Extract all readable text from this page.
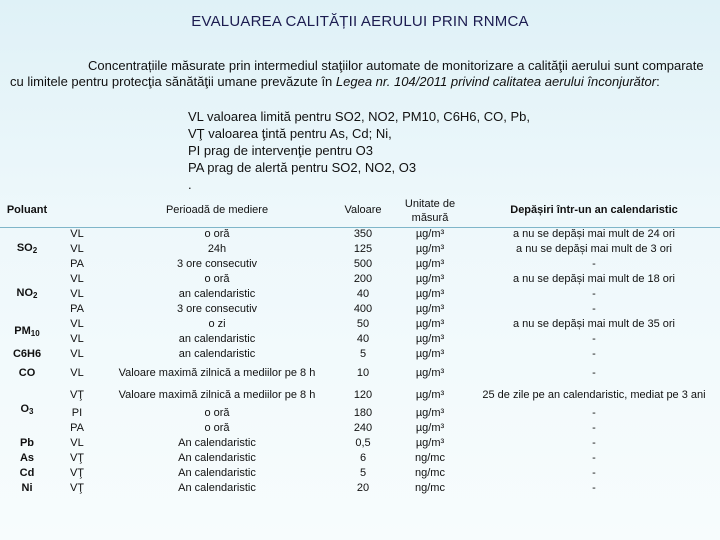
EVALUAREA CALITĂȚII AERULUI PRIN RNMCA
Concentrațiile măsurate prin intermediul staţiilor automate de monitorizare a calităţii aerului sunt comparate cu limitele pentru protecţia sănătăţii umane prevăzute în Legea nr. 104/2011 privind calitatea aerului înconjurător:
VL valoarea limită pentru SO2, NO2, PM10, C6H6, CO, Pb,
VŢ valoarea ţintă pentru As, Cd; Ni,
PI prag de intervenţie pentru O3
PA prag de alertă pentru SO2, NO2, O3
.
Poluant		Perioadă de mediere	Valoare	Unitate de măsură	Depășiri într-un an calendaristic
$SO_2$	VL	o oră	350	µg/m³	a nu se depăși mai mult de 24 ori
	VL	24h	125	µg/m³	a nu se depăși mai mult de 3 ori
	PA	3 ore consecutiv	500	µg/m³	-
$NO_2$	VL	o oră	200	µg/m³	a nu se depăși mai mult de 18 ori
	VL	an calendaristic	40	µg/m³	-
	PA	3 ore consecutiv	400	µg/m³	-
$PM_{10}$	VL	o zi	50	µg/m³	a nu se depăși mai mult de 35 ori
	VL	an calendaristic	40	µg/m³	-
C6H6	VL	an calendaristic	5	µg/m³	-
CO	VL	Valoare maximă zilnică a mediilor pe 8 h	10	µg/m³	-
$O_3$	VŢ	Valoare maximă zilnică a mediilor pe 8 h	120	µg/m³	25 de zile pe an calendaristic, mediat pe 3 ani
	PI	o oră	180	µg/m³	-
	PA	o oră	240	µg/m³	-
Pb	VL	An calendaristic	0,5	µg/m³	-
As	VŢ	An calendaristic	6	ng/mc	-
Cd	VŢ	An calendaristic	5	ng/mc	-
Ni	VŢ	An calendaristic	20	ng/mc	-
